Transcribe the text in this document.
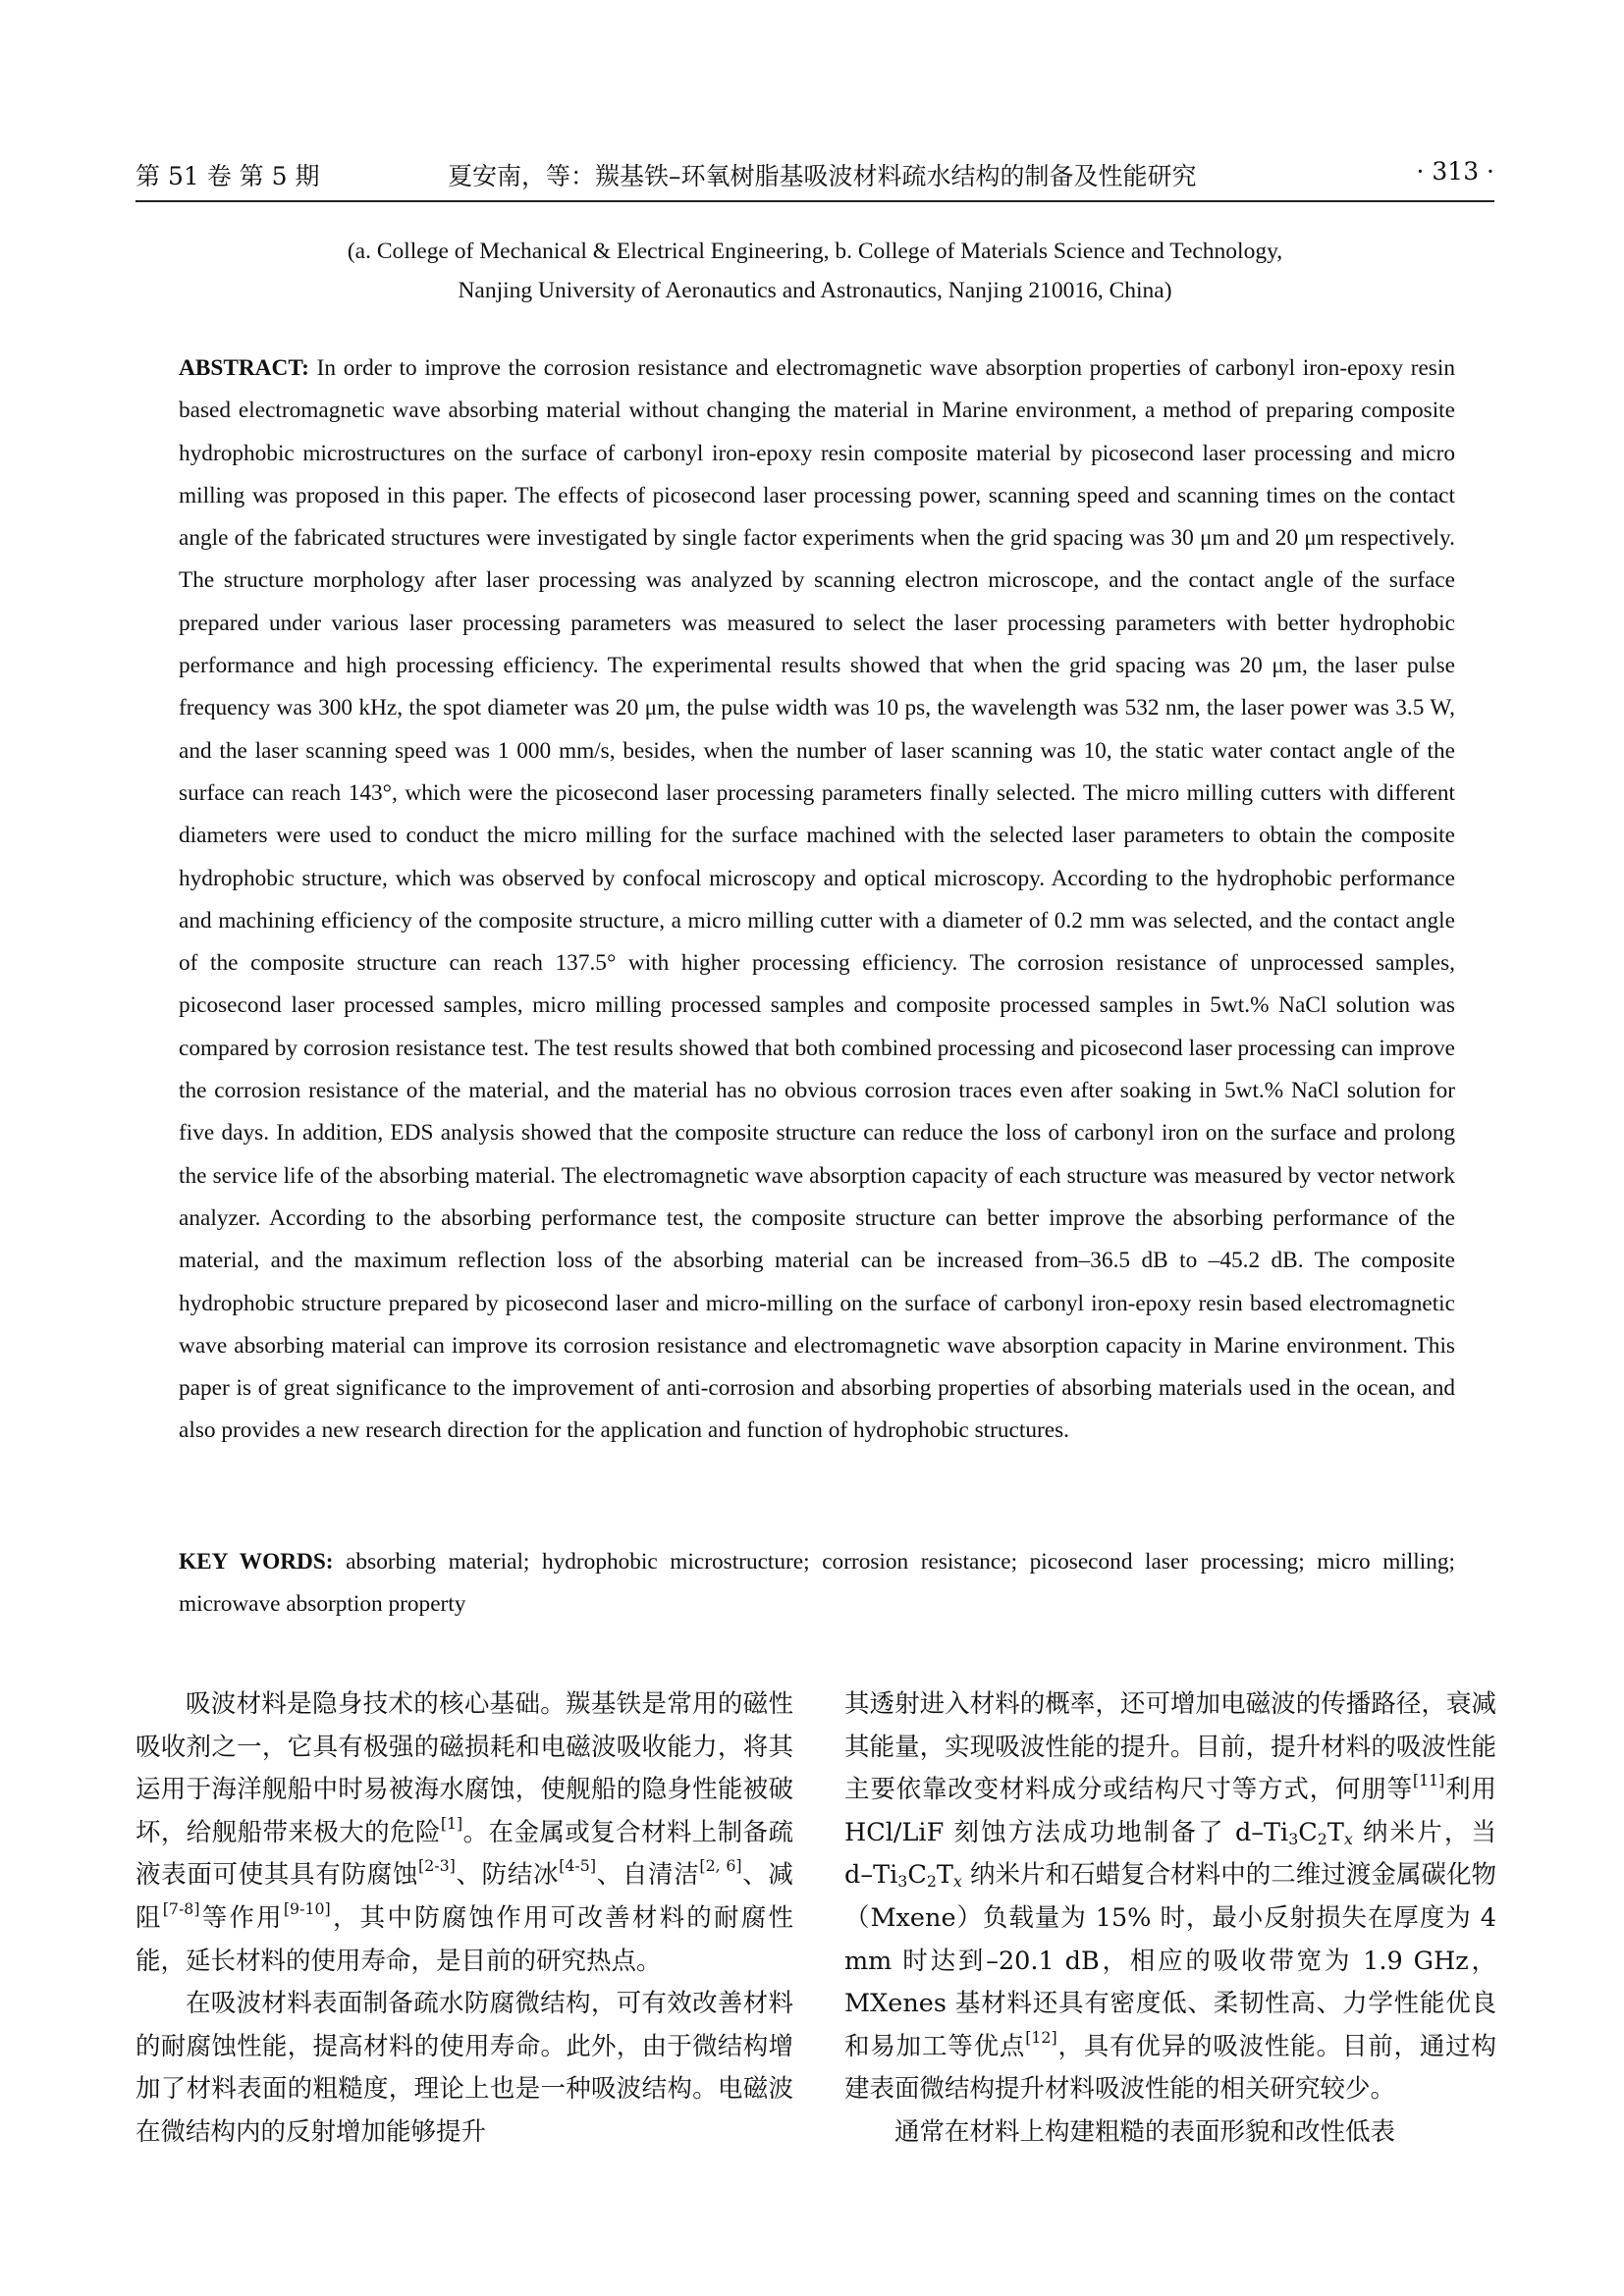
第 51 卷 第 5 期	夏安南，等：羰基铁–环氧树脂基吸波材料疏水结构的制备及性能研究	· 313 ·
(a. College of Mechanical & Electrical Engineering, b. College of Materials Science and Technology,
Nanjing University of Aeronautics and Astronautics, Nanjing 210016, China)
ABSTRACT: In order to improve the corrosion resistance and electromagnetic wave absorption properties of carbonyl iron-epoxy resin based electromagnetic wave absorbing material without changing the material in Marine environment, a method of preparing composite hydrophobic microstructures on the surface of carbonyl iron-epoxy resin composite material by picosecond laser processing and micro milling was proposed in this paper. The effects of picosecond laser processing power, scanning speed and scanning times on the contact angle of the fabricated structures were investigated by single factor experiments when the grid spacing was 30 μm and 20 μm respectively. The structure morphology after laser processing was analyzed by scanning electron microscope, and the contact angle of the surface prepared under various laser processing parameters was measured to select the laser processing parameters with better hydrophobic performance and high processing efficiency. The experimental results showed that when the grid spacing was 20 μm, the laser pulse frequency was 300 kHz, the spot diameter was 20 μm, the pulse width was 10 ps, the wavelength was 532 nm, the laser power was 3.5 W, and the laser scanning speed was 1 000 mm/s, besides, when the number of laser scanning was 10, the static water contact angle of the surface can reach 143°, which were the picosecond laser processing parameters finally selected. The micro milling cutters with different diameters were used to conduct the micro milling for the surface machined with the selected laser parameters to obtain the composite hydrophobic structure, which was observed by confocal microscopy and optical microscopy. According to the hydrophobic performance and machining efficiency of the composite structure, a micro milling cutter with a diameter of 0.2 mm was selected, and the contact angle of the composite structure can reach 137.5° with higher processing efficiency. The corrosion resistance of unprocessed samples, picosecond laser processed samples, micro milling processed samples and composite processed samples in 5wt.% NaCl solution was compared by corrosion resistance test. The test results showed that both combined processing and picosecond laser processing can improve the corrosion resistance of the material, and the material has no obvious corrosion traces even after soaking in 5wt.% NaCl solution for five days. In addition, EDS analysis showed that the composite structure can reduce the loss of carbonyl iron on the surface and prolong the service life of the absorbing material. The electromagnetic wave absorption capacity of each structure was measured by vector network analyzer. According to the absorbing performance test, the composite structure can better improve the absorbing performance of the material, and the maximum reflection loss of the absorbing material can be increased from–36.5 dB to –45.2 dB. The composite hydrophobic structure prepared by picosecond laser and micro-milling on the surface of carbonyl iron-epoxy resin based electromagnetic wave absorbing material can improve its corrosion resistance and electromagnetic wave absorption capacity in Marine environment. This paper is of great significance to the improvement of anti-corrosion and absorbing properties of absorbing materials used in the ocean, and also provides a new research direction for the application and function of hydrophobic structures.
KEY WORDS: absorbing material; hydrophobic microstructure; corrosion resistance; picosecond laser processing; micro milling; microwave absorption property

吸波材料是隐身技术的核心基础。羰基铁是常用的磁性吸收剂之一，它具有极强的磁损耗和电磁波吸收能力，将其运用于海洋舰船中时易被海水腐蚀，使舰船的隐身性能被破坏，给舰船带来极大的危险[1]。在金属或复合材料上制备疏液表面可使其具有防腐蚀[2-3]、防结冰[4-5]、自清洁[2, 6]、减阻[7-8]等作用[9-10]，其中防腐蚀作用可改善材料的耐腐性能，延长材料的使用寿命，是目前的研究热点。

在吸波材料表面制备疏水防腐微结构，可有效改善材料的耐腐蚀性能，提高材料的使用寿命。此外，由于微结构增加了材料表面的粗糙度，理论上也是一种吸波结构。电磁波在微结构内的反射增加能够提升

其透射进入材料的概率，还可增加电磁波的传播路径，衰减其能量，实现吸波性能的提升。目前，提升材料的吸波性能主要依靠改变材料成分或结构尺寸等方式，何朋等[11]利用 HCl/LiF 刻蚀方法成功地制备了 $d-Ti_3C_2T_x$ 纳米片，当 $d-Ti_3C_2T_x$ 纳米片和石蜡复合材料中的二维过渡金属碳化物（Mxene）负载量为 15% 时，最小反射损失在厚度为 4 mm 时达到–20.1 dB，相应的吸收带宽为 1.9 GHz，MXenes 基材料还具有密度低、柔韧性高、力学性能优良和易加工等优点[12]，具有优异的吸波性能。目前，通过构建表面微结构提升材料吸波性能的相关研究较少。

通常在材料上构建粗糙的表面形貌和改性低表
